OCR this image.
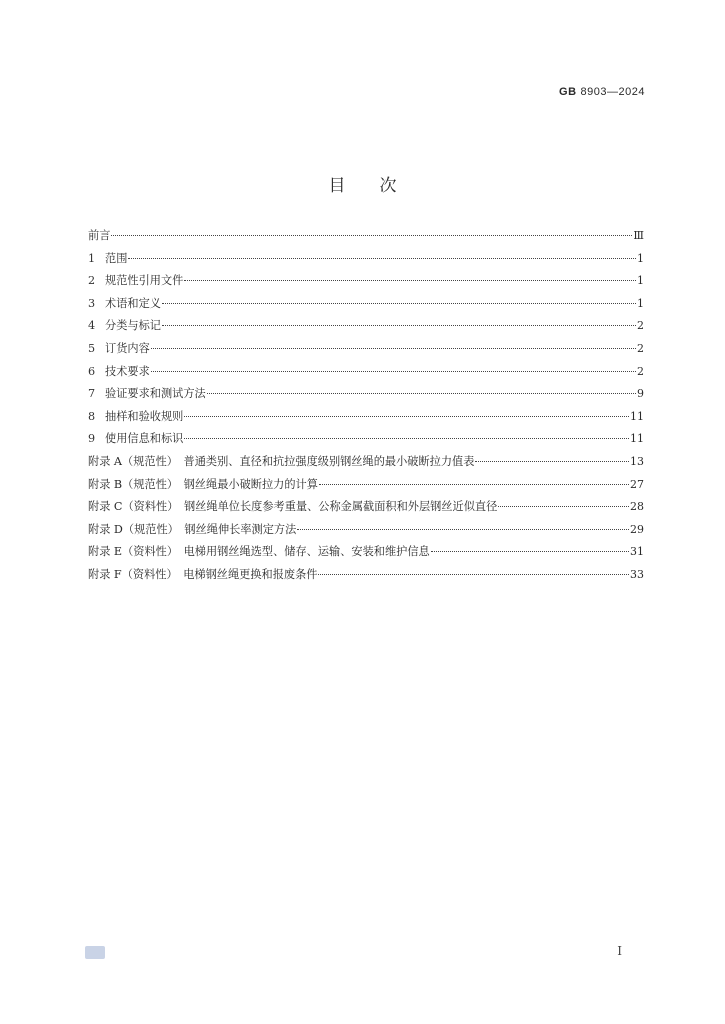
GB 8903—2024
目　　次
前言	Ⅲ
1 范围	1
2 规范性引用文件	1
3 术语和定义	1
4 分类与标记	2
5 订货内容	2
6 技术要求	2
7 验证要求和测试方法	9
8 抽样和验收规则	11
9 使用信息和标识	11
附录 A（规范性）　普通类别、直径和抗拉强度级别钢丝绳的最小破断拉力值表	13
附录 B（规范性）　钢丝绳最小破断拉力的计算	27
附录 C（资料性）　钢丝绳单位长度参考重量、公称金属截面积和外层钢丝近似直径	28
附录 D（规范性）　钢丝绳伸长率测定方法	29
附录 E（资料性）　电梯用钢丝绳选型、储存、运输、安装和维护信息	31
附录 F（资料性）　电梯钢丝绳更换和报废条件	33
I
